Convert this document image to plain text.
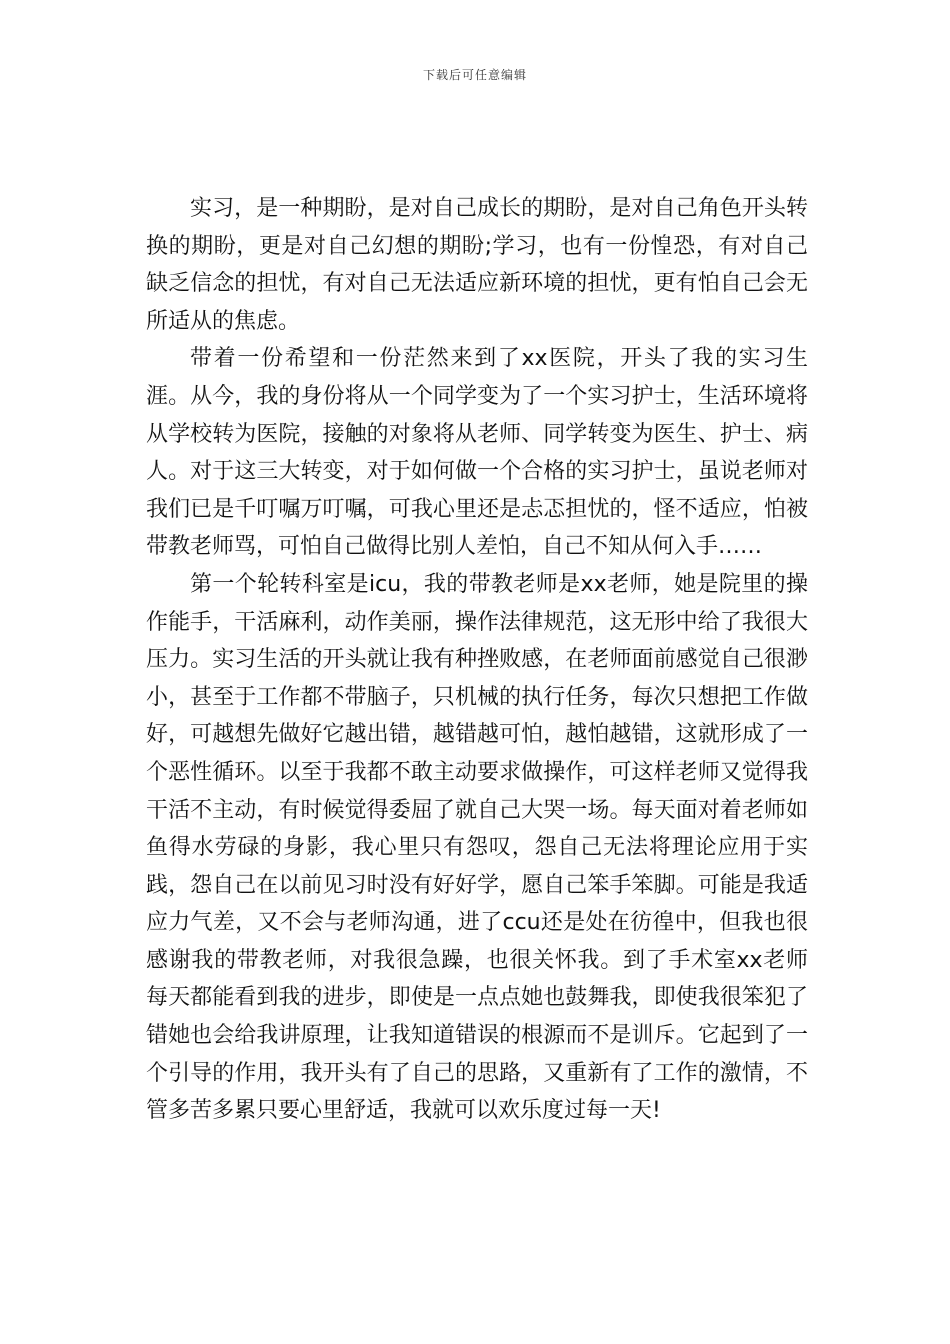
下载后可任意编辑

实习，是一种期盼，是对自己成长的期盼，是对自己角色开头转换的期盼，更是对自己幻想的期盼;学习，也有一份惶恐，有对自己缺乏信念的担忧，有对自己无法适应新环境的担忧，更有怕自己会无所适从的焦虑。

带着一份希望和一份茫然来到了xx医院，开头了我的实习生涯。从今，我的身份将从一个同学变为了一个实习护士，生活环境将从学校转为医院，接触的对象将从老师、同学转变为医生、护士、病人。对于这三大转变，对于如何做一个合格的实习护士，虽说老师对我们已是千叮嘱万叮嘱，可我心里还是忐忑担忧的，怪不适应，怕被带教老师骂，可怕自己做得比别人差怕，自己不知从何入手……

第一个轮转科室是icu，我的带教老师是xx老师，她是院里的操作能手，干活麻利，动作美丽，操作法律规范，这无形中给了我很大压力。实习生活的开头就让我有种挫败感，在老师面前感觉自己很渺小，甚至于工作都不带脑子，只机械的执行任务，每次只想把工作做好，可越想先做好它越出错，越错越可怕，越怕越错，这就形成了一个恶性循环。以至于我都不敢主动要求做操作，可这样老师又觉得我干活不主动，有时候觉得委屈了就自己大哭一场。每天面对着老师如鱼得水劳碌的身影，我心里只有怨叹，怨自己无法将理论应用于实践，怨自己在以前见习时没有好好学，愿自己笨手笨脚。可能是我适应力气差，又不会与老师沟通，进了ccu还是处在彷徨中，但我也很感谢我的带教老师，对我很急躁，也很关怀我。到了手术室xx老师每天都能看到我的进步，即使是一点点她也鼓舞我，即使我很笨犯了错她也会给我讲原理，让我知道错误的根源而不是训斥。它起到了一个引导的作用，我开头有了自己的思路，又重新有了工作的激情，不管多苦多累只要心里舒适，我就可以欢乐度过每一天!
